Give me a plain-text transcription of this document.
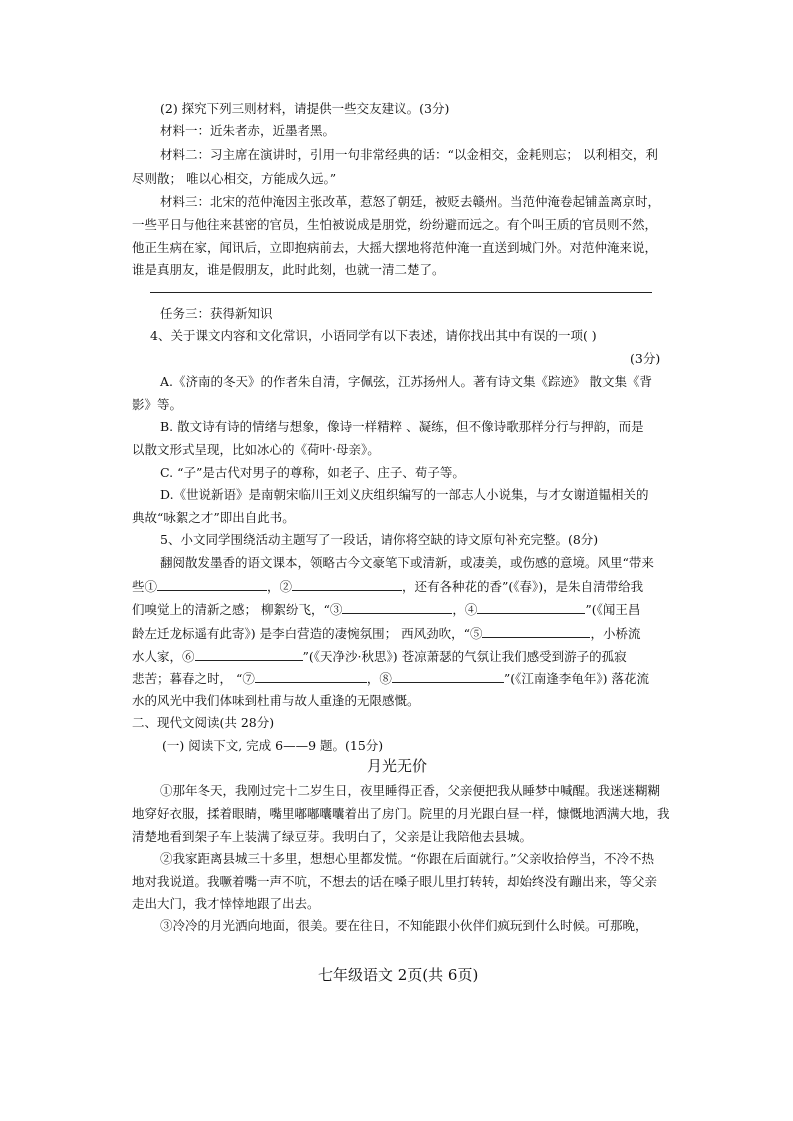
(2) 探究下列三则材料，请提供一些交友建议。(3分)
材料一：近朱者赤，近墨者黑。
材料二：习主席在演讲时，引用一句非常经典的话：“以金相交，金耗则忘； 以利相交，利
尽则散； 唯以心相交，方能成久远。”
材料三：北宋的范仲淹因主张改革，惹怒了朝廷，被贬去赣州。当范仲淹卷起铺盖离京时，
一些平日与他往来甚密的官员，生怕被说成是朋党，纷纷避而远之。有个叫王质的官员则不然，
他正生病在家，闻讯后，立即抱病前去，大摇大摆地将范仲淹一直送到城门外。对范仲淹来说，
谁是真朋友，谁是假朋友，此时此刻，也就一清二楚了。
任务三：获得新知识
4、关于课文内容和文化常识，小语同学有以下表述，请你找出其中有误的一项( )
(3分)
A.《济南的冬天》的作者朱自清，字佩弦，江苏扬州人。著有诗文集《踪迹》 散文集《背
影》等。
B. 散文诗有诗的情绪与想象，像诗一样精粹 、凝练，但不像诗歌那样分行与押韵，而是
以散文形式呈现，比如冰心的《荷叶·母亲》。
C. “子”是古代对男子的尊称，如老子、庄子、荀子等。
D.《世说新语》是南朝宋临川王刘义庆组织编写的一部志人小说集，与才女谢道韫相关的
典故“咏絮之才”即出自此书。
5、小文同学围绕活动主题写了一段话，请你将空缺的诗文原句补充完整。(8分)
翻阅散发墨香的语文课本，领略古今文豪笔下或清新，或凄美，或伤感的意境。风里“带来
些①	，②	，还有各种花的香”(《春》)，是朱自清带给我
们嗅觉上的清新之感； 柳絮纷飞，“③	，④	”(《闻王昌
龄左迁龙标遥有此寄》) 是李白营造的凄惋氛围； 西风劲吹，“⑤	，小桥流
水人家，⑥	”(《天净沙·秋思》) 苍凉萧瑟的气氛让我们感受到游子的孤寂
悲苦；暮春之时， “⑦	，⑧	”(《江南逢李龟年》) 落花流
水的风光中我们体味到杜甫与故人重逢的无限感慨。
二、现代文阅读(共 28分)
(一) 阅读下文, 完成 6——9 题。(15分)
月光无价
①那年冬天，我刚过完十二岁生日，夜里睡得正香，父亲便把我从睡梦中喊醒。我迷迷糊糊
地穿好衣服，揉着眼睛，嘴里嘟嘟囔囔着出了房门。院里的月光跟白昼一样，慷慨地洒满大地，我
清楚地看到架子车上装满了绿豆芽。我明白了，父亲是让我陪他去县城。
②我家距离县城三十多里，想想心里都发慌。“你跟在后面就行。”父亲收拾停当，不冷不热
地对我说道。我噘着嘴一声不吭，不想去的话在嗓子眼儿里打转转，却始终没有蹦出来，等父亲
走出大门，我才悻悻地跟了出去。
③冷冷的月光洒向地面，很美。要在往日，不知能跟小伙伴们疯玩到什么时候。可那晚，
七年级语文 2页(共 6页)
